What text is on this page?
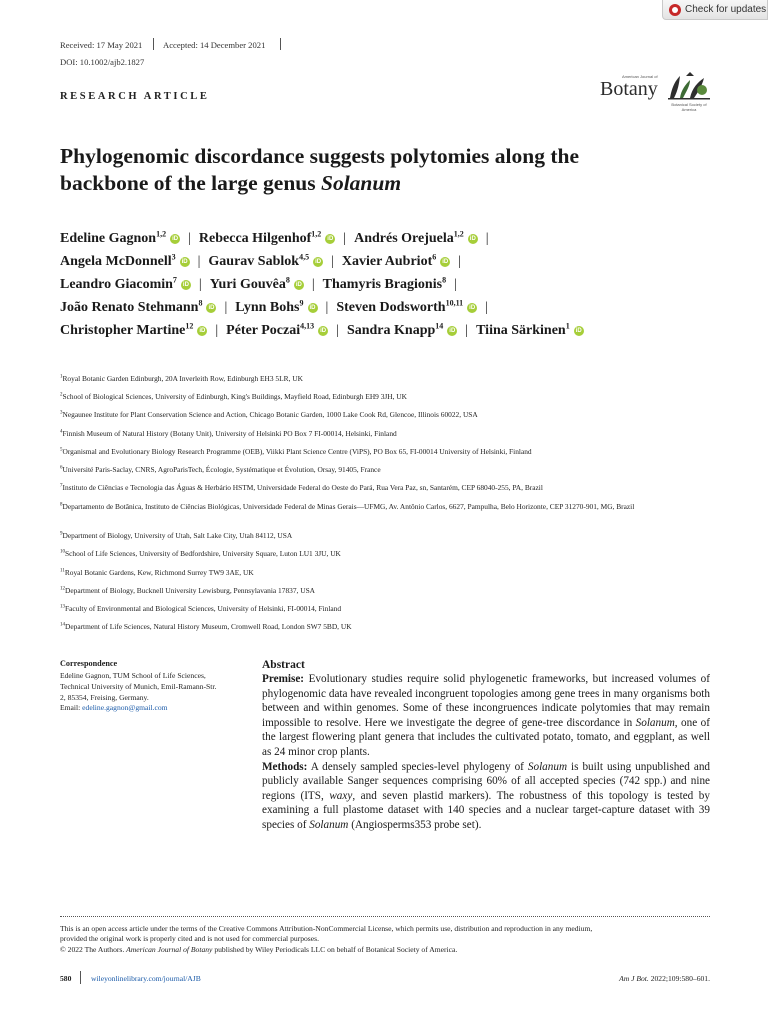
Check for updates
Received: 17 May 2021 Accepted: 14 December 2021
DOI: 10.1002/ajb2.1827
RESEARCH ARTICLE
American Journal of
Botany
Botanical Society of America
Phylogenomic discordance suggests polytomies along the
backbone of the large genus Solanum
Edeline Gagnon$^{1,2}$iD | Rebecca Hilgenhof$^{1,2}$iD | Andrés Orejuela$^{1,2}$iD |
Angela McDonnell$^3$iD | Gaurav Sablok$^{4,5}$iD | Xavier Aubriot$^6$iD |
Leandro Giacomin$^7$iD | Yuri Gouvêa$^8$iD | Thamyris Bragionis$^8$ |
João Renato Stehmann$^8$iD | Lynn Bohs$^9$iD | Steven Dodsworth$^{10,11}$iD |
Christopher Martine$^{12}$iD | Péter Poczai$^{4,13}$iD | Sandra Knapp$^{14}$iD | Tiina Särkinen$^1$iD
$^1$Royal Botanic Garden Edinburgh, 20A Inverleith Row, Edinburgh EH3 5LR, UK
$^2$School of Biological Sciences, University of Edinburgh, King's Buildings, Mayfield Road, Edinburgh EH9 3JH, UK
$^3$Negaunee Institute for Plant Conservation Science and Action, Chicago Botanic Garden, 1000 Lake Cook Rd, Glencoe, Illinois 60022, USA
$^4$Finnish Museum of Natural History (Botany Unit), University of Helsinki PO Box 7 FI-00014, Helsinki, Finland
$^5$Organismal and Evolutionary Biology Research Programme (OEB), Viikki Plant Science Centre (ViPS), PO Box 65, FI-00014 University of Helsinki, Finland
$^6$Université Paris-Saclay, CNRS, AgroParisTech, Écologie, Systématique et Évolution, Orsay, 91405, France
$^7$Instituto de Ciências e Tecnologia das Águas & Herbário HSTM, Universidade Federal do Oeste do Pará, Rua Vera Paz, sn, Santarém, CEP 68040-255, PA, Brazil
$^8$Departamento de Botânica, Instituto de Ciências Biológicas, Universidade Federal de Minas Gerais—UFMG, Av. Antônio Carlos, 6627, Pampulha, Belo Horizonte, CEP 31270-901, MG, Brazil
$^9$Department of Biology, University of Utah, Salt Lake City, Utah 84112, USA
$^{10}$School of Life Sciences, University of Bedfordshire, University Square, Luton LU1 3JU, UK
$^{11}$Royal Botanic Gardens, Kew, Richmond Surrey TW9 3AE, UK
$^{12}$Department of Biology, Bucknell University Lewisburg, Pennsylavania 17837, USA
$^{13}$Faculty of Environmental and Biological Sciences, University of Helsinki, FI-00014, Finland
$^{14}$Department of Life Sciences, Natural History Museum, Cromwell Road, London SW7 5BD, UK
Correspondence
Edeline Gagnon, TUM School of Life Sciences,
Technical University of Munich, Emil-Ramann-Str.
2, 85354, Freising, Germany.
Email: edeline.gagnon@gmail.com
Abstract
Premise: Evolutionary studies require solid phylogenetic frameworks, but increased volumes of phylogenomic data have revealed incongruent topologies among gene trees in many organisms both between and within genomes. Some of these incongruences indicate polytomies that may remain impossible to resolve. Here we investigate the degree of gene-tree discordance in Solanum, one of the largest flowering plant genera that includes the cultivated potato, tomato, and eggplant, as well as 24 minor crop plants.
Methods: A densely sampled species-level phylogeny of Solanum is built using unpublished and publicly available Sanger sequences comprising 60% of all accepted species (742 spp.) and nine regions (ITS, waxy, and seven plastid markers). The robustness of this topology is tested by examining a full plastome dataset with 140 species and a nuclear target-capture dataset with 39 species of Solanum (Angiosperms353 probe set).
This is an open access article under the terms of the Creative Commons Attribution-NonCommercial License, which permits use, distribution and reproduction in any medium,
provided the original work is properly cited and is not used for commercial purposes.
© 2022 The Authors. American Journal of Botany published by Wiley Periodicals LLC on behalf of Botanical Society of America.
580	wileyonlinelibrary.com/journal/AJB	Am J Bot. 2022;109:580–601.
